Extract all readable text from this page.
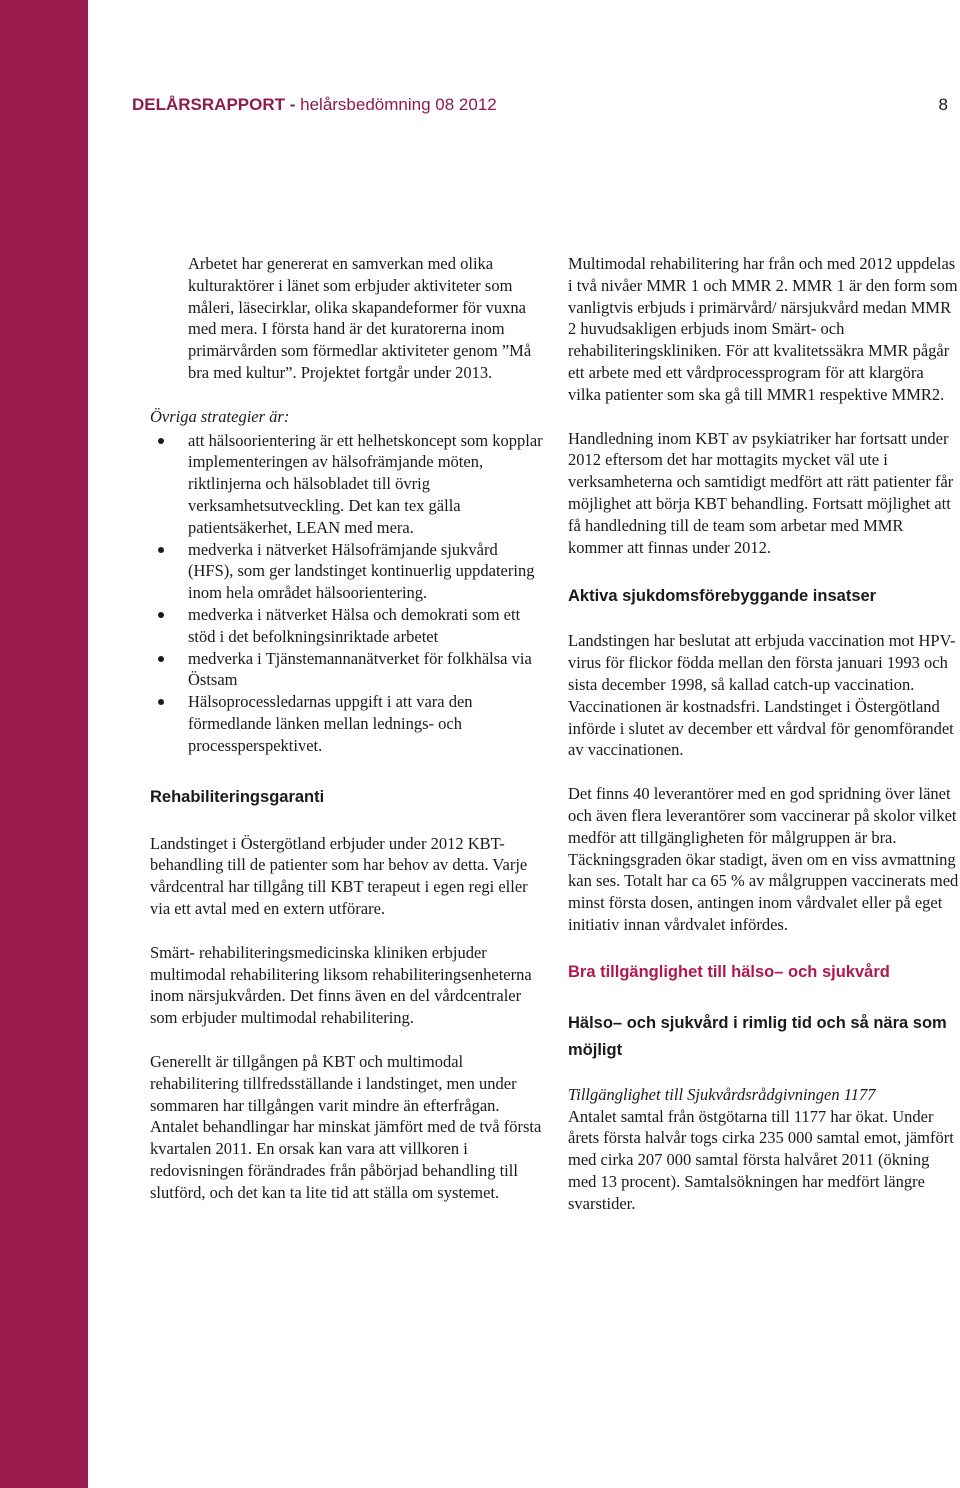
DELÅRSRAPPORT - helårsbedömning 08 2012	8

Arbetet har genererat en samverkan med olika kulturaktörer i länet som erbjuder aktiviteter som måleri, läsecirklar, olika skapandeformer för vuxna med mera. I första hand är det kuratorerna inom primärvården som förmedlar aktiviteter genom ”Må bra med kultur”. Projektet fortgår under 2013.

Övriga strategier är:

att hälsoorientering är ett helhetskoncept som kopplar implementeringen av hälsofrämjande möten, riktlinjerna och hälsobladet till övrig verksamhetsutveckling. Det kan tex gälla patientsäkerhet, LEAN med mera.
medverka i nätverket Hälsofrämjande sjukvård (HFS), som ger landstinget kontinuerlig uppdatering inom hela området hälsoorientering.
medverka i nätverket Hälsa och demokrati som ett stöd i det befolkningsinriktade arbetet
medverka i Tjänstemannanätverket för folkhälsa via Östsam
Hälsoprocessledarnas uppgift i att vara den förmedlande länken mellan lednings- och processperspektivet.

Rehabiliteringsgaranti

Landstinget i Östergötland erbjuder under 2012 KBT-behandling till de patienter som har behov av detta. Varje vårdcentral har tillgång till KBT terapeut i egen regi eller via ett avtal med en extern utförare.

Smärt- rehabiliteringsmedicinska kliniken erbjuder multimodal rehabilitering liksom rehabiliteringsenheterna inom närsjukvården. Det finns även en del vårdcentraler som erbjuder multimodal rehabilitering.

Generellt är tillgången på KBT och multimodal rehabilitering tillfredsställande i landstinget, men under sommaren har tillgången varit mindre än efterfrågan. Antalet behandlingar har minskat jämfört med de två första kvartalen 2011. En orsak kan vara att villkoren i redovisningen förändrades från påbörjad behandling till slutförd, och det kan ta lite tid att ställa om systemet.

Multimodal rehabilitering har från och med 2012 uppdelas i två nivåer MMR 1 och MMR 2. MMR 1 är den form som vanligtvis erbjuds i primärvård/ närsjukvård medan MMR 2 huvudsakligen erbjuds inom Smärt- och rehabiliteringskliniken. För att kvalitetssäkra MMR pågår ett arbete med ett vårdprocessprogram för att klargöra vilka patienter som ska gå till MMR1 respektive MMR2.

Handledning inom KBT av psykiatriker har fortsatt under 2012 eftersom det har mottagits mycket väl ute i verksamheterna och samtidigt medfört att rätt patienter får möjlighet att börja KBT behandling. Fortsatt möjlighet att få handledning till de team som arbetar med MMR kommer att finnas under 2012.

Aktiva sjukdomsförebyggande insatser

Landstingen har beslutat att erbjuda vaccination mot HPV-virus för flickor födda mellan den första januari 1993 och sista december 1998, så kallad catch-up vaccination. Vaccinationen är kostnadsfri. Landstinget i Östergötland införde i slutet av december ett vårdval för genomförandet av vaccinationen.

Det finns 40 leverantörer med en god spridning över länet och även flera leverantörer som vaccinerar på skolor vilket medför att tillgängligheten för målgruppen är bra. Täckningsgraden ökar stadigt, även om en viss avmattning kan ses. Totalt har ca 65 % av målgruppen vaccinerats med minst första dosen, antingen inom vårdvalet eller på eget initiativ innan vårdvalet infördes.

Bra tillgänglighet till hälso– och sjukvård

Hälso– och sjukvård i rimlig tid och så nära som möjligt

Tillgänglighet till Sjukvårdsrådgivningen 1177

Antalet samtal från östgötarna till 1177 har ökat. Under årets första halvår togs cirka 235 000 samtal emot, jämfört med cirka 207 000 samtal första halvåret 2011 (ökning med 13 procent). Samtalsökningen har medfört längre svarstider.
